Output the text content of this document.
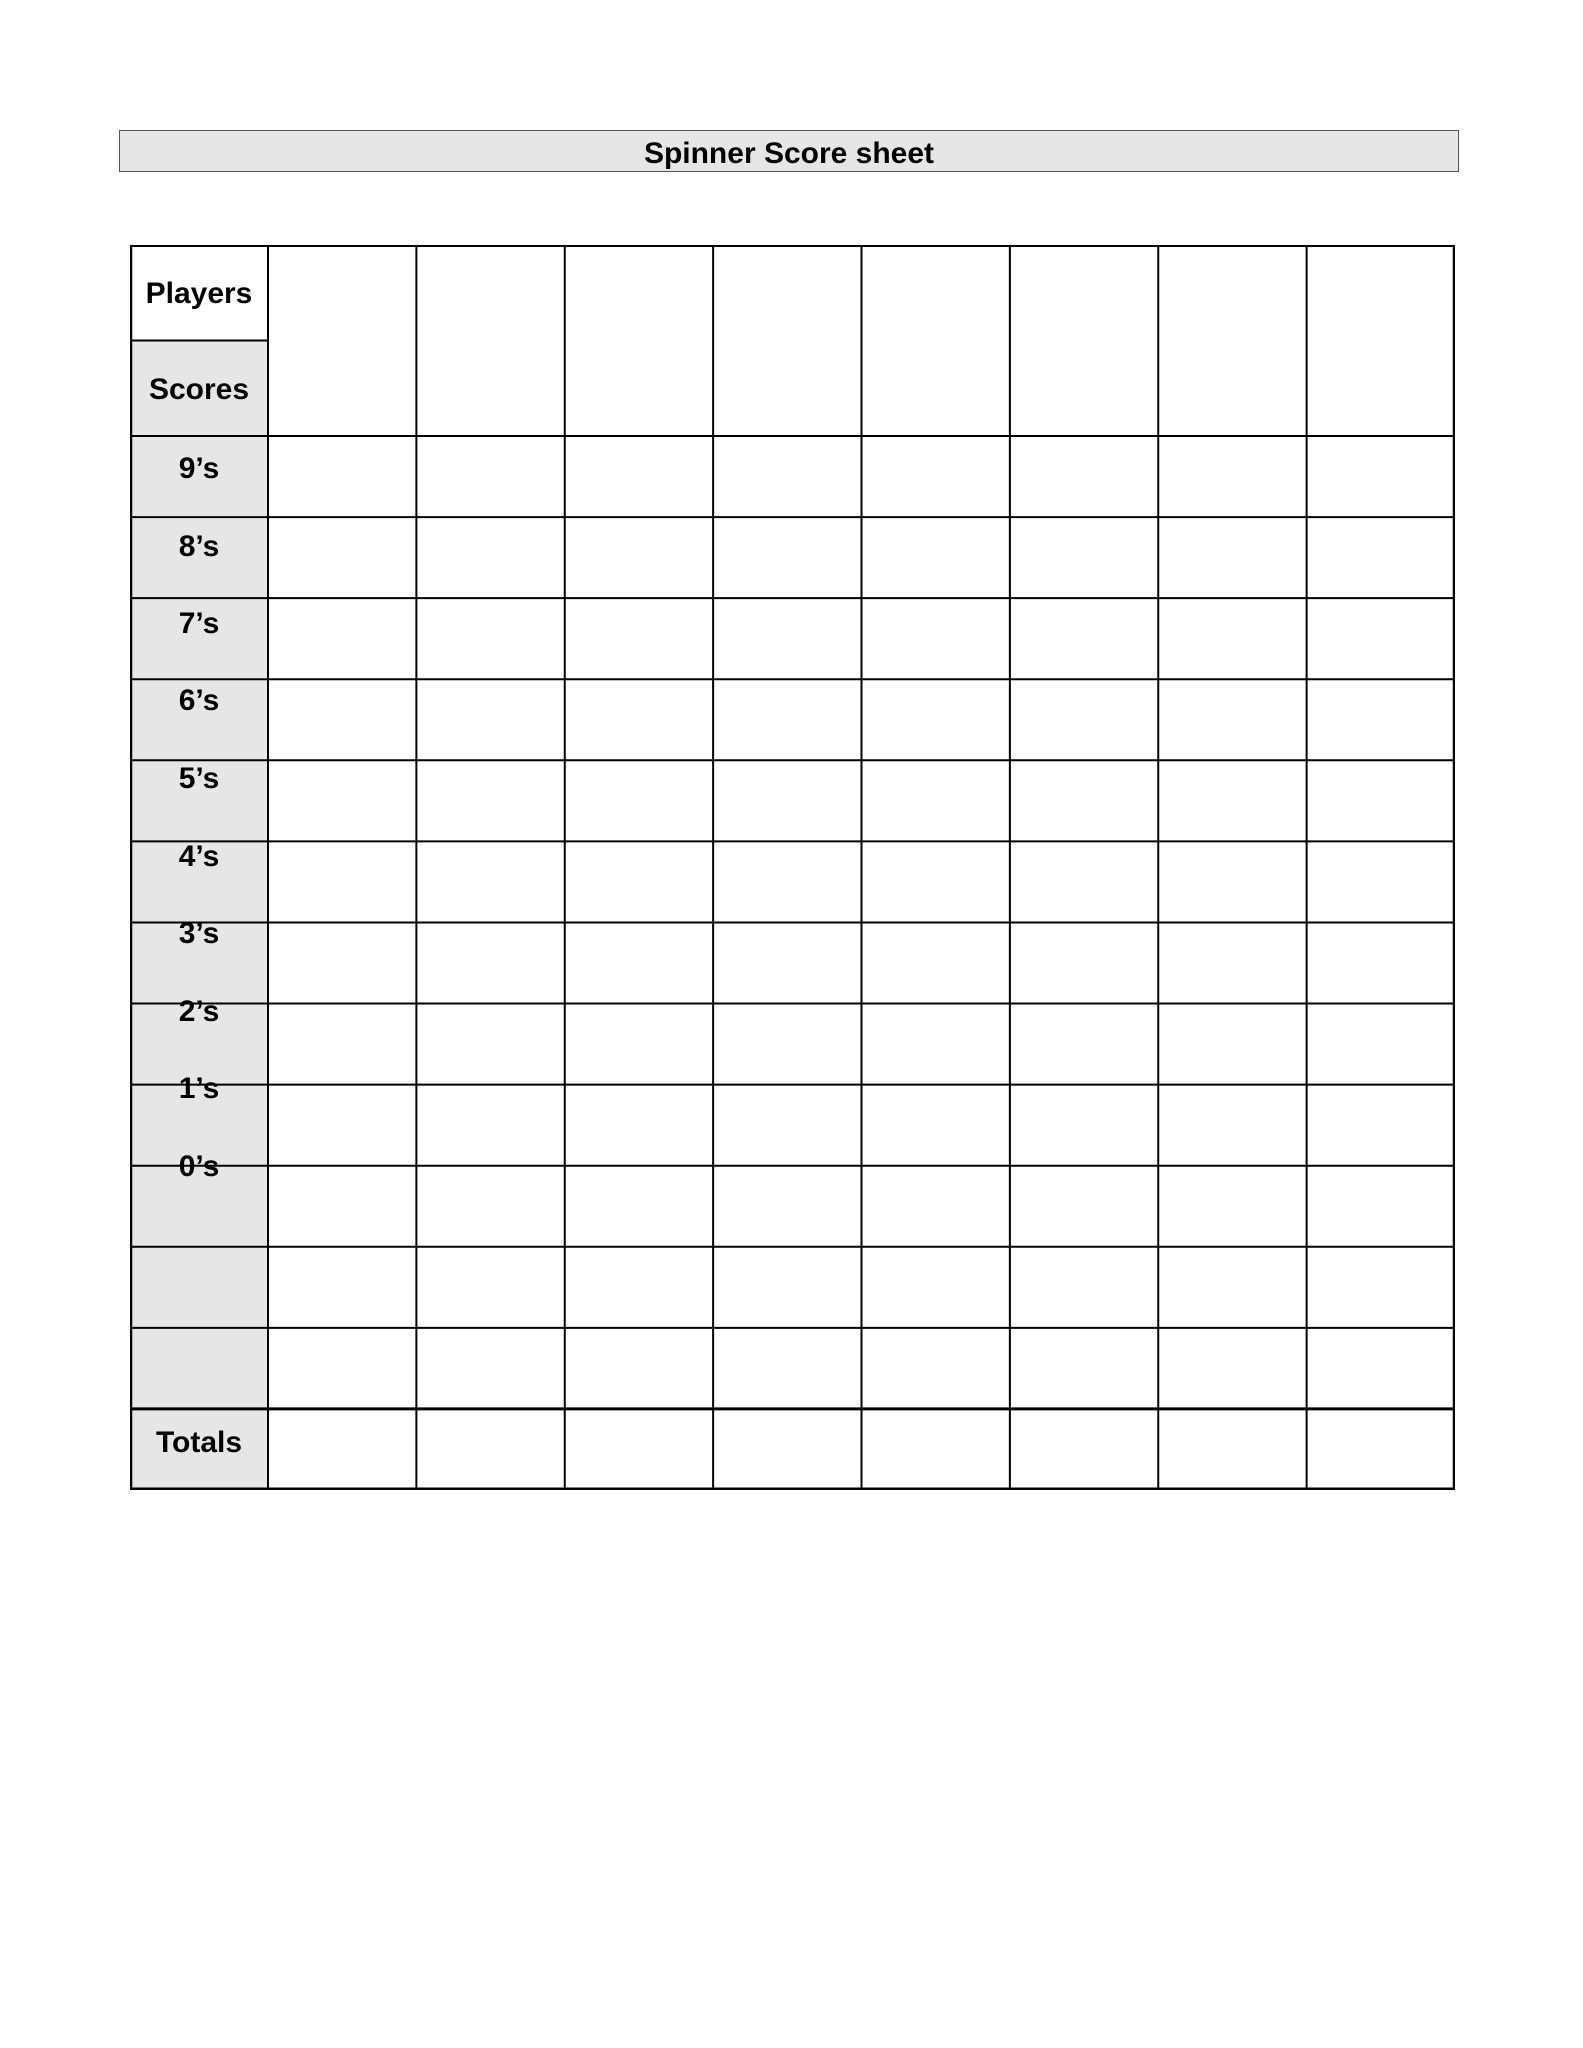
Spinner Score sheet
Players
Scores
9’s
8’s
7’s
6’s
5’s
4’s
3’s
2’s
1’s
0’s
Totals
